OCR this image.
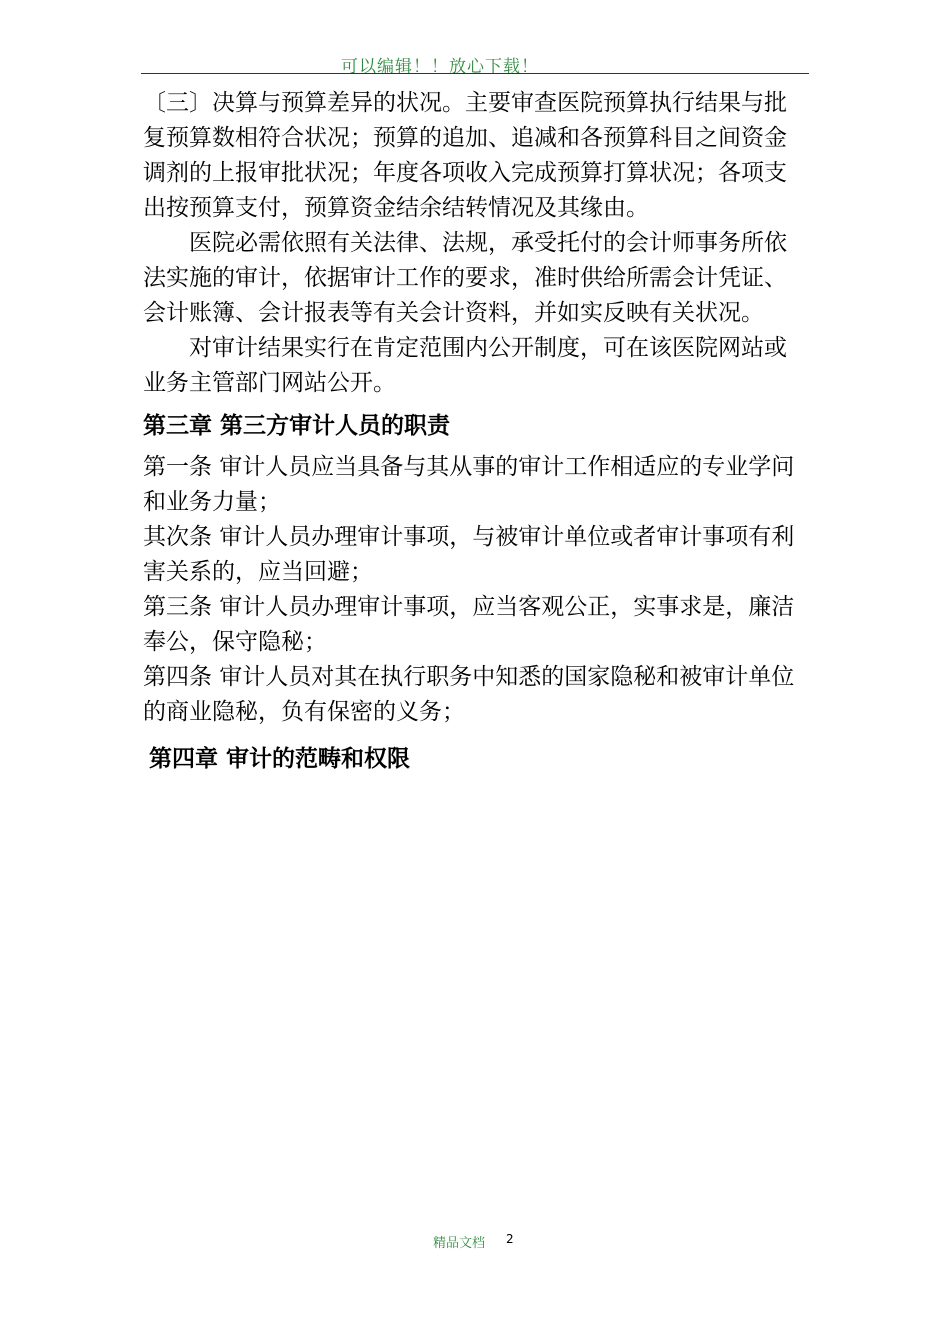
可以编辑！！放心下载！

〔三〕决算与预算差异的状况。主要审查医院预算执行结果与批复预算数相符合状况；预算的追加、追减和各预算科目之间资金调剂的上报审批状况；年度各项收入完成预算打算状况；各项支出按预算支付，预算资金结余结转情况及其缘由。

医院必需依照有关法律、法规，承受托付的会计师事务所依法实施的审计，依据审计工作的要求，准时供给所需会计凭证、会计账簿、会计报表等有关会计资料，并如实反映有关状况。

对审计结果实行在肯定范围内公开制度，可在该医院网站或业务主管部门网站公开。

第三章 第三方审计人员的职责

第一条 审计人员应当具备与其从事的审计工作相适应的专业学问和业务力量；

其次条 审计人员办理审计事项，与被审计单位或者审计事项有利害关系的，应当回避；

第三条 审计人员办理审计事项，应当客观公正，实事求是，廉洁奉公，保守隐秘；

第四条 审计人员对其在执行职务中知悉的国家隐秘和被审计单位的商业隐秘，负有保密的义务；

第四章 审计的范畴和权限
精品文档 2
